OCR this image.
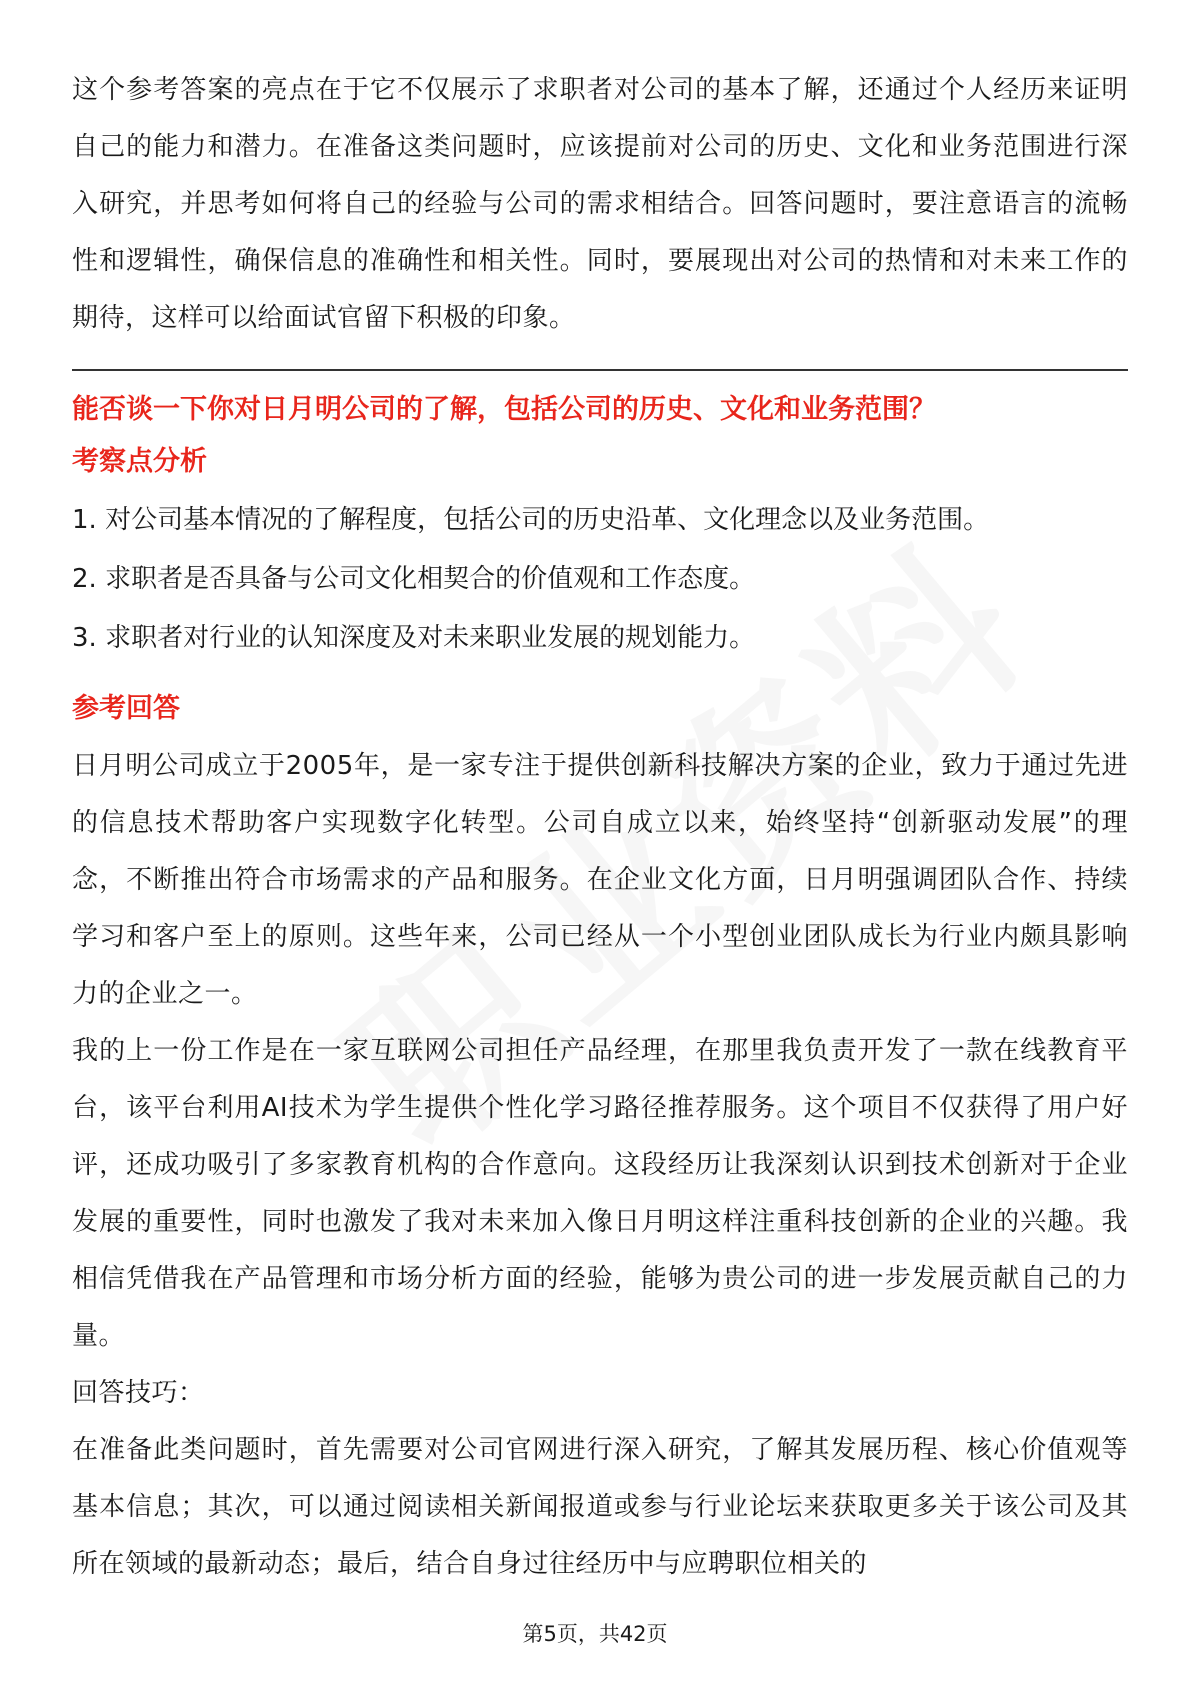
这个参考答案的亮点在于它不仅展示了求职者对公司的基本了解，还通过个人经历来证明自己的能力和潜力。在准备这类问题时，应该提前对公司的历史、文化和业务范围进行深入研究，并思考如何将自己的经验与公司的需求相结合。回答问题时，要注意语言的流畅性和逻辑性，确保信息的准确性和相关性。同时，要展现出对公司的热情和对未来工作的期待，这样可以给面试官留下积极的印象。

能否谈一下你对日月明公司的了解，包括公司的历史、文化和业务范围？

考察点分析

1. 对公司基本情况的了解程度，包括公司的历史沿革、文化理念以及业务范围。

2. 求职者是否具备与公司文化相契合的价值观和工作态度。

3. 求职者对行业的认知深度及对未来职业发展的规划能力。

参考回答

日月明公司成立于2005年，是一家专注于提供创新科技解决方案的企业，致力于通过先进的信息技术帮助客户实现数字化转型。公司自成立以来，始终坚持“创新驱动发展”的理念，不断推出符合市场需求的产品和服务。在企业文化方面，日月明强调团队合作、持续学习和客户至上的原则。这些年来，公司已经从一个小型创业团队成长为行业内颇具影响力的企业之一。

我的上一份工作是在一家互联网公司担任产品经理，在那里我负责开发了一款在线教育平台，该平台利用AI技术为学生提供个性化学习路径推荐服务。这个项目不仅获得了用户好评，还成功吸引了多家教育机构的合作意向。这段经历让我深刻认识到技术创新对于企业发展的重要性，同时也激发了我对未来加入像日月明这样注重科技创新的企业的兴趣。我相信凭借我在产品管理和市场分析方面的经验，能够为贵公司的进一步发展贡献自己的力量。

回答技巧：

在准备此类问题时，首先需要对公司官网进行深入研究，了解其发展历程、核心价值观等基本信息；其次，可以通过阅读相关新闻报道或参与行业论坛来获取更多关于该公司及其所在领域的最新动态；最后，结合自身过往经历中与应聘职位相关的

第5页，共42页
